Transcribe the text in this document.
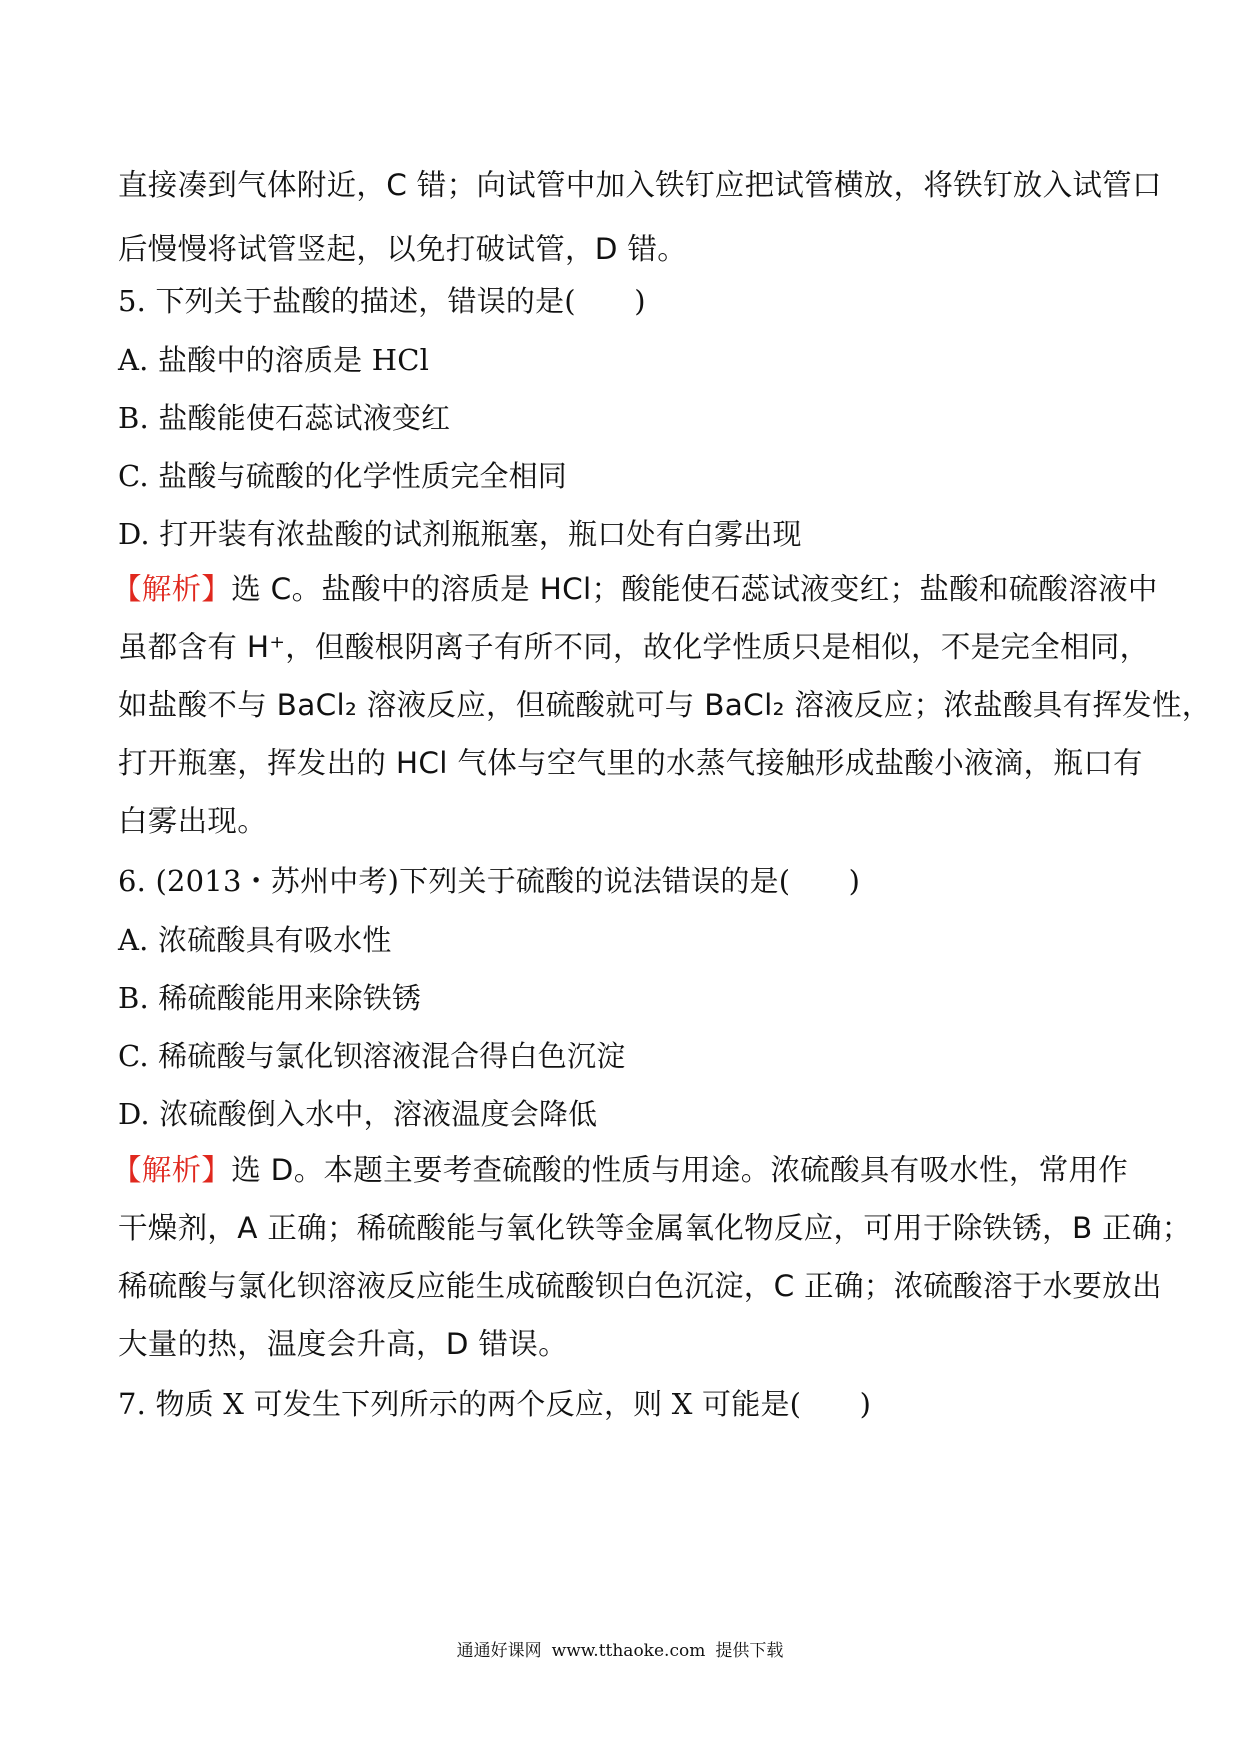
直接凑到气体附近，C 错；向试管中加入铁钉应把试管横放，将铁钉放入试管口
后慢慢将试管竖起，以免打破试管，D 错。
5. 下列关于盐酸的描述，错误的是(　　)
A. 盐酸中的溶质是 HCl
B. 盐酸能使石蕊试液变红
C. 盐酸与硫酸的化学性质完全相同
D. 打开装有浓盐酸的试剂瓶瓶塞，瓶口处有白雾出现
【解析】选 C。盐酸中的溶质是 HCl；酸能使石蕊试液变红；盐酸和硫酸溶液中
虽都含有 H⁺，但酸根阴离子有所不同，故化学性质只是相似，不是完全相同，
如盐酸不与 BaCl₂ 溶液反应，但硫酸就可与 BaCl₂ 溶液反应；浓盐酸具有挥发性，
打开瓶塞，挥发出的 HCl 气体与空气里的水蒸气接触形成盐酸小液滴，瓶口有
白雾出现。
6. (2013・苏州中考)下列关于硫酸的说法错误的是(　　)
A. 浓硫酸具有吸水性
B. 稀硫酸能用来除铁锈
C. 稀硫酸与氯化钡溶液混合得白色沉淀
D. 浓硫酸倒入水中，溶液温度会降低
【解析】选 D。本题主要考查硫酸的性质与用途。浓硫酸具有吸水性，常用作
干燥剂，A 正确；稀硫酸能与氧化铁等金属氧化物反应，可用于除铁锈，B 正确；
稀硫酸与氯化钡溶液反应能生成硫酸钡白色沉淀，C 正确；浓硫酸溶于水要放出
大量的热，温度会升高，D 错误。
7. 物质 X 可发生下列所示的两个反应，则 X 可能是(　　)
通通好课网 www.tthaoke.com 提供下载
